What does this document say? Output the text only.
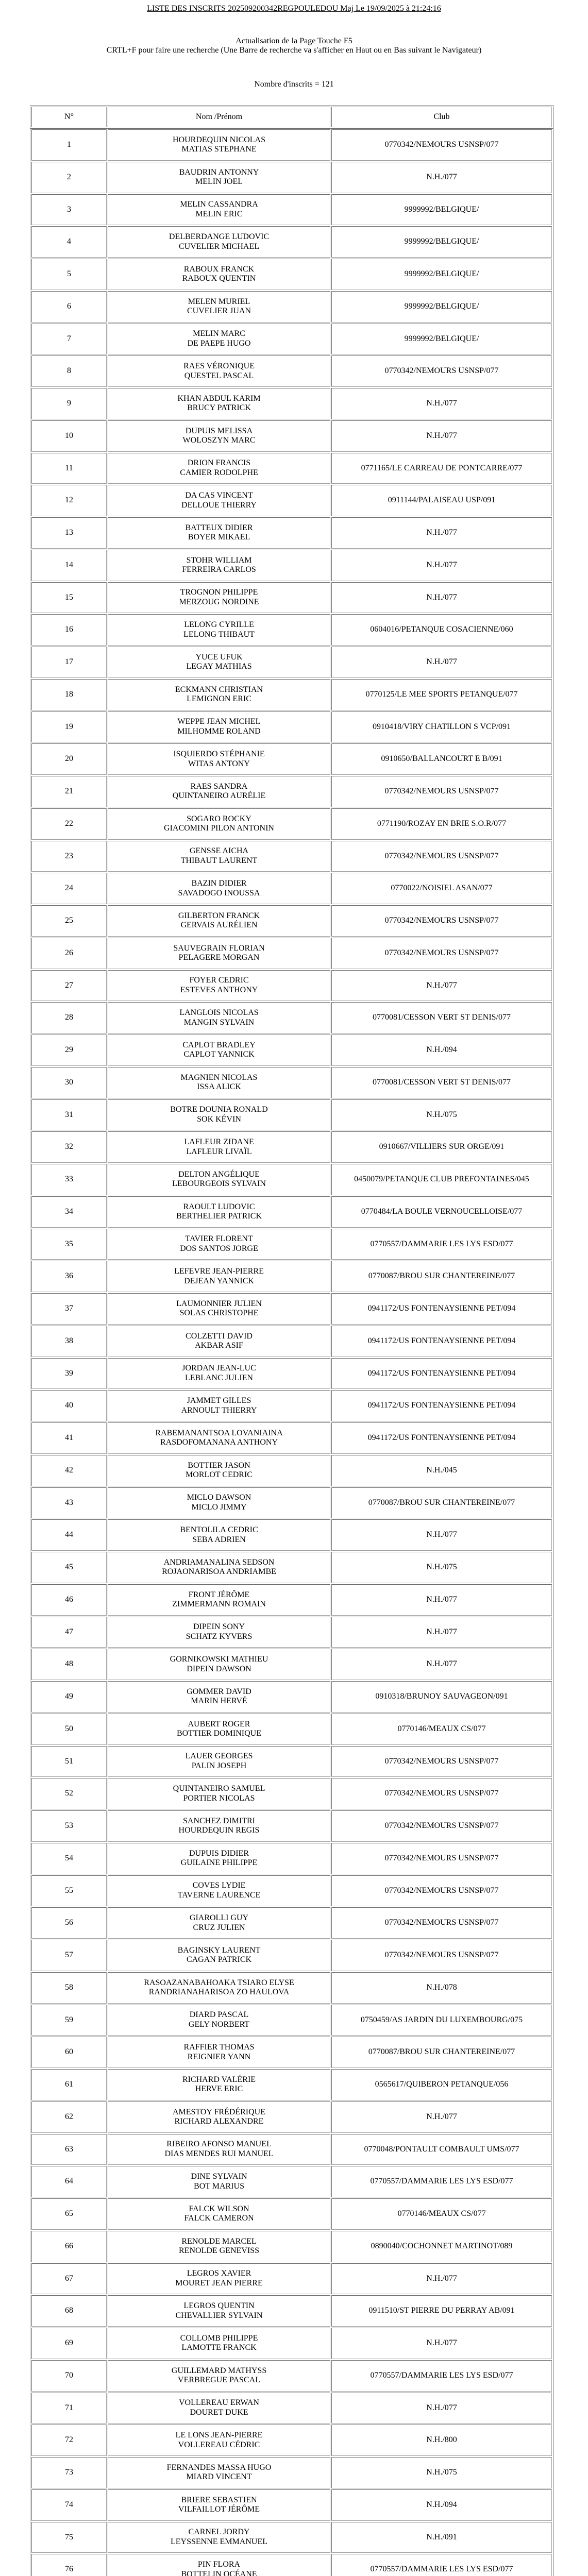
LISTE DES INSCRITS 202509200342REGPOULEDOU Maj Le 19/09/2025 à 21:24:16
Actualisation de la Page Touche F5
CRTL+F pour faire une recherche (Une Barre de recherche va s'afficher en Haut ou en Bas suivant le Navigateur)
Nombre d'inscrits = 121
N°	Nom /Prénom	Club
1	HOURDEQUIN NICOLAS
MATIAS STEPHANE	0770342/NEMOURS USNSP/077
2	BAUDRIN ANTONNY
MELIN JOEL	N.H./077
3	MELIN CASSANDRA
MELIN ERIC	9999992/BELGIQUE/
4	DELBERDANGE LUDOVIC
CUVELIER MICHAEL	9999992/BELGIQUE/
5	RABOUX FRANCK
RABOUX QUENTIN	9999992/BELGIQUE/
6	MELEN MURIEL
CUVELIER JUAN	9999992/BELGIQUE/
7	MELIN MARC
DE PAEPE HUGO	9999992/BELGIQUE/
8	RAES VÉRONIQUE
QUESTEL PASCAL	0770342/NEMOURS USNSP/077
9	KHAN ABDUL KARIM
BRUCY PATRICK	N.H./077
10	DUPUIS MELISSA
WOLOSZYN MARC	N.H./077
11	DRION FRANCIS
CAMIER RODOLPHE	0771165/LE CARREAU DE PONTCARRE/077
12	DA CAS VINCENT
DELLOUE THIERRY	0911144/PALAISEAU USP/091
13	BATTEUX DIDIER
BOYER MIKAEL	N.H./077
14	STOHR WILLIAM
FERREIRA CARLOS	N.H./077
15	TROGNON PHILIPPE
MERZOUG NORDINE	N.H./077
16	LELONG CYRILLE
LELONG THIBAUT	0604016/PETANQUE COSACIENNE/060
17	YUCE UFUK
LEGAY MATHIAS	N.H./077
18	ECKMANN CHRISTIAN
LEMIGNON ERIC	0770125/LE MEE SPORTS PETANQUE/077
19	WEPPE JEAN MICHEL
MILHOMME ROLAND	0910418/VIRY CHATILLON S VCP/091
20	ISQUIERDO STÉPHANIE
WITAS ANTONY	0910650/BALLANCOURT E B/091
21	RAES SANDRA
QUINTANEIRO AURÉLIE	0770342/NEMOURS USNSP/077
22	SOGARO ROCKY
GIACOMINI PILON ANTONIN	0771190/ROZAY EN BRIE S.O.R/077
23	GENSSE AICHA
THIBAUT LAURENT	0770342/NEMOURS USNSP/077
24	BAZIN DIDIER
SAVADOGO INOUSSA	0770022/NOISIEL ASAN/077
25	GILBERTON FRANCK
GERVAIS AURÉLIEN	0770342/NEMOURS USNSP/077
26	SAUVEGRAIN FLORIAN
PELAGERE MORGAN	0770342/NEMOURS USNSP/077
27	FOYER CEDRIC
ESTEVES ANTHONY	N.H./077
28	LANGLOIS NICOLAS
MANGIN SYLVAIN	0770081/CESSON VERT ST DENIS/077
29	CAPLOT BRADLEY
CAPLOT YANNICK	N.H./094
30	MAGNIEN NICOLAS
ISSA ALICK	0770081/CESSON VERT ST DENIS/077
31	BOTRE DOUNIA RONALD
SOK KÉVIN	N.H./075
32	LAFLEUR ZIDANE
LAFLEUR LIVAÏL	0910667/VILLIERS SUR ORGE/091
33	DELTON ANGÉLIQUE
LEBOURGEOIS SYLVAIN	0450079/PETANQUE CLUB PREFONTAINES/045
34	RAOULT LUDOVIC
BERTHELIER PATRICK	0770484/LA BOULE VERNOUCELLOISE/077
35	TAVIER FLORENT
DOS SANTOS JORGE	0770557/DAMMARIE LES LYS ESD/077
36	LEFEVRE JEAN-PIERRE
DEJEAN YANNICK	0770087/BROU SUR CHANTEREINE/077
37	LAUMONNIER JULIEN
SOLAS CHRISTOPHE	0941172/US FONTENAYSIENNE PET/094
38	COLZETTI DAVID
AKBAR ASIF	0941172/US FONTENAYSIENNE PET/094
39	JORDAN JEAN-LUC
LEBLANC JULIEN	0941172/US FONTENAYSIENNE PET/094
40	JAMMET GILLES
ARNOULT THIERRY	0941172/US FONTENAYSIENNE PET/094
41	RABEMANANTSOA LOVANIAINA
RASDOFOMANANA ANTHONY	0941172/US FONTENAYSIENNE PET/094
42	BOTTIER JASON
MORLOT CEDRIC	N.H./045
43	MICLO DAWSON
MICLO JIMMY	0770087/BROU SUR CHANTEREINE/077
44	BENTOLILA CEDRIC
SEBA ADRIEN	N.H./077
45	ANDRIAMANALINA SEDSON
ROJAONARISOA ANDRIAMBE	N.H./075
46	FRONT JÉRÔME
ZIMMERMANN ROMAIN	N.H./077
47	DIPEIN SONY
SCHATZ KYVERS	N.H./077
48	GORNIKOWSKI MATHIEU
DIPEIN DAWSON	N.H./077
49	GOMMER DAVID
MARIN HERVÉ	0910318/BRUNOY SAUVAGEON/091
50	AUBERT ROGER
BOTTIER DOMINIQUE	0770146/MEAUX CS/077
51	LAUER GEORGES
PALIN JOSEPH	0770342/NEMOURS USNSP/077
52	QUINTANEIRO SAMUEL
PORTIER NICOLAS	0770342/NEMOURS USNSP/077
53	SANCHEZ DIMITRI
HOURDEQUIN REGIS	0770342/NEMOURS USNSP/077
54	DUPUIS DIDIER
GUILAINE PHILIPPE	0770342/NEMOURS USNSP/077
55	COVES LYDIE
TAVERNE LAURENCE	0770342/NEMOURS USNSP/077
56	GIAROLLI GUY
CRUZ JULIEN	0770342/NEMOURS USNSP/077
57	BAGINSKY LAURENT
CAGAN PATRICK	0770342/NEMOURS USNSP/077
58	RASOAZANABAHOAKA TSIARO ELYSE
RANDRIANAHARISOA ZO HAULOVA	N.H./078
59	DIARD PASCAL
GELY NORBERT	0750459/AS JARDIN DU LUXEMBOURG/075
60	RAFFIER THOMAS
REIGNIER YANN	0770087/BROU SUR CHANTEREINE/077
61	RICHARD VALÉRIE
HERVE ERIC	0565617/QUIBERON PETANQUE/056
62	AMESTOY FRÉDÉRIQUE
RICHARD ALEXANDRE	N.H./077
63	RIBEIRO AFONSO MANUEL
DIAS MENDES RUI MANUEL	0770048/PONTAULT COMBAULT UMS/077
64	DINE SYLVAIN
BOT MARIUS	0770557/DAMMARIE LES LYS ESD/077
65	FALCK WILSON
FALCK CAMERON	0770146/MEAUX CS/077
66	RENOLDE MARCEL
RENOLDE GENEVISS	0890040/COCHONNET MARTINOT/089
67	LEGROS XAVIER
MOURET JEAN PIERRE	N.H./077
68	LEGROS QUENTIN
CHEVALLIER SYLVAIN	0911510/ST PIERRE DU PERRAY AB/091
69	COLLOMB PHILIPPE
LAMOTTE FRANCK	N.H./077
70	GUILLEMARD MATHYSS
VERBREGUE PASCAL	0770557/DAMMARIE LES LYS ESD/077
71	VOLLEREAU ERWAN
DOURET DUKE	N.H./077
72	LE LONS JEAN-PIERRE
VOLLEREAU CÉDRIC	N.H./800
73	FERNANDES MASSA HUGO
MIARD VINCENT	N.H./075
74	BRIERE SEBASTIEN
VILFAILLOT JÉRÔME	N.H./094
75	CARNEL JORDY
LEYSSENNE EMMANUEL	N.H./091
76	PIN FLORA
BOTTELIN OCÉANE	0770557/DAMMARIE LES LYS ESD/077
